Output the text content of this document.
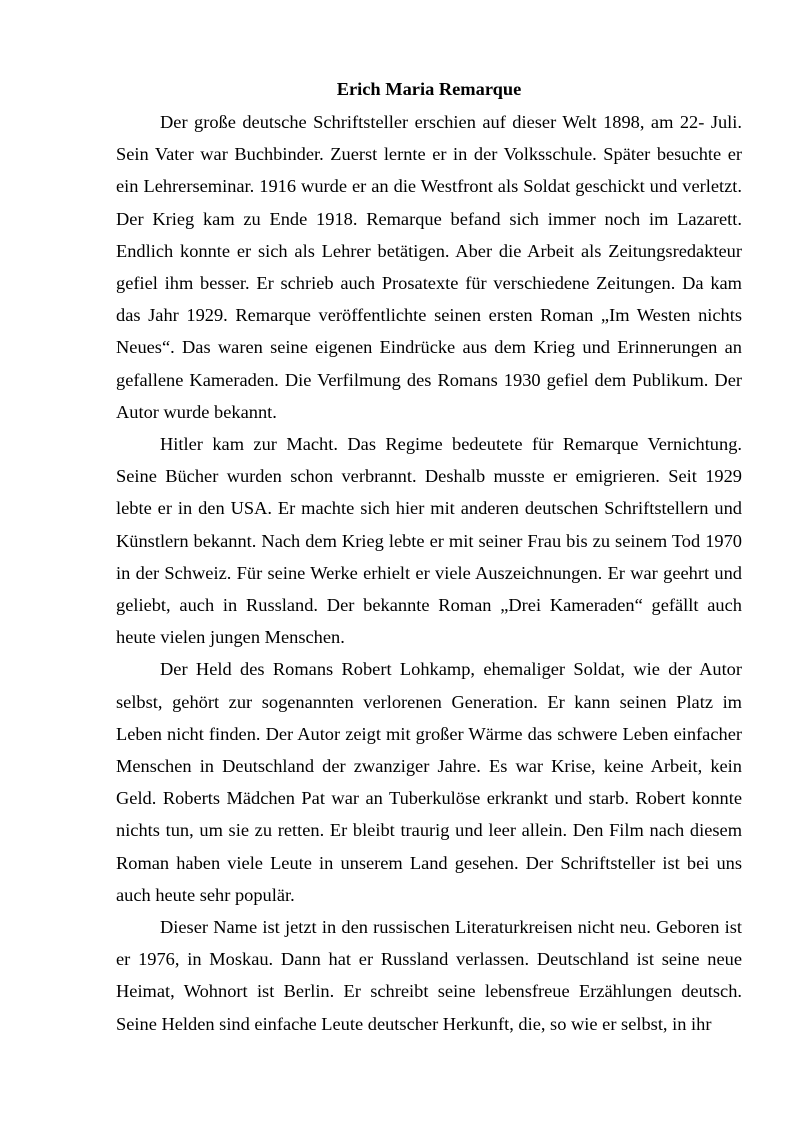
Erich Maria Remarque

Der große deutsche Schriftsteller erschien auf dieser Welt 1898, am 22- Juli. Sein Vater war Buchbinder. Zuerst lernte er in der Volksschule. Später besuchte er ein Lehrerseminar. 1916 wurde er an die Westfront als Soldat geschickt und verletzt. Der Krieg kam zu Ende 1918. Remarque befand sich immer noch im Lazarett. Endlich konnte er sich als Lehrer betätigen. Aber die Arbeit als Zeitungsredakteur gefiel ihm besser. Er schrieb auch Prosatexte für verschiedene Zeitungen. Da kam das Jahr 1929. Remarque veröffentlichte seinen ersten Roman „Im Westen nichts Neues“. Das waren seine eigenen Eindrücke aus dem Krieg und Erinnerungen an gefallene Kameraden. Die Verfilmung des Romans 1930 gefiel dem Publikum. Der Autor wurde bekannt.

Hitler kam zur Macht. Das Regime bedeutete für Remarque Vernichtung. Seine Bücher wurden schon verbrannt. Deshalb musste er emigrieren. Seit 1929 lebte er in den USA. Er machte sich hier mit anderen deutschen Schriftstellern und Künstlern bekannt. Nach dem Krieg lebte er mit seiner Frau bis zu seinem Tod 1970 in der Schweiz. Für seine Werke erhielt er viele Auszeichnungen. Er war geehrt und geliebt, auch in Russland. Der bekannte Roman „Drei Kameraden“ gefällt auch heute vielen jungen Menschen.

Der Held des Romans Robert Lohkamp, ehemaliger Soldat, wie der Autor selbst, gehört zur sogenannten verlorenen Generation. Er kann seinen Platz im Leben nicht finden. Der Autor zeigt mit großer Wärme das schwere Leben einfacher Menschen in Deutschland der zwanziger Jahre. Es war Krise, keine Arbeit, kein Geld. Roberts Mädchen Pat war an Tuberkulöse erkrankt und starb. Robert konnte nichts tun, um sie zu retten. Er bleibt traurig und leer allein. Den Film nach diesem Roman haben viele Leute in unserem Land gesehen. Der Schriftsteller ist bei uns auch heute sehr populär.

Dieser Name ist jetzt in den russischen Literaturkreisen nicht neu. Geboren ist er 1976, in Moskau. Dann hat er Russland verlassen. Deutschland ist seine neue Heimat, Wohnort ist Berlin. Er schreibt seine lebensfreue Erzählungen deutsch. Seine Helden sind einfache Leute deutscher Herkunft, die, so wie er selbst, in ihr
